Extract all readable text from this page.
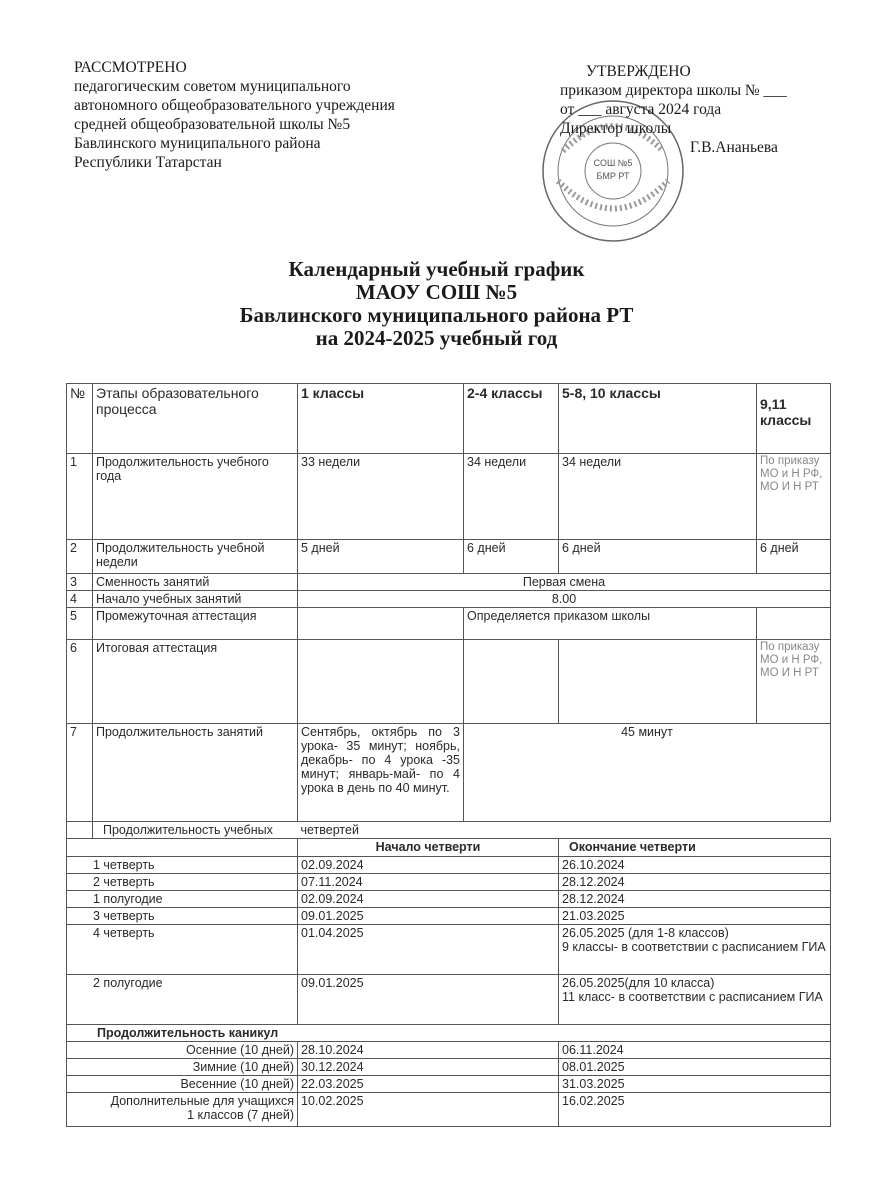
РАССМОТРЕНО
педагогическим советом муниципального
автономного общеобразовательного учреждения
средней общеобразовательной школы №5
Бавлинского муниципального района
Республики Татарстан	СОШ №5
БМР РТ
УТВЕРЖДЕНО
приказом директора школы № ___
от ___ августа 2024 года
Директор школы
Г.В.Ананьева
Календарный учебный график
МАОУ СОШ №5
Бавлинского муниципального района РТ
на 2024-2025 учебный год
№	Этапы образовательного процесса	1 классы	2-4 классы	5-8, 10 классы	9,11 классы
1	Продолжительность учебного года	33 недели	34 недели	34 недели	По приказу МО и Н РФ, МО И Н РТ
2	Продолжительность учебной недели	5 дней	6 дней	6 дней	6 дней
3	Сменность занятий	Первая смена			
4	Начало учебных занятий	8.00			
5	Промежуточная аттестация		Определяется приказом школы		
6	Итоговая аттестация				По приказу МО и Н РФ, МО И Н РТ
7	Продолжительность занятий	Сентябрь, октябрь по 3 урока- 35 минут; ноябрь, декабрь- по 4 урока -35 минут; январь-май- по 4 урока в день по 40 минут.	45 минут		
	Продолжительность учебных	четвертей			
		Начало четверти		Окончание четверти	
1 четверть		02.09.2024		26.10.2024	
2 четверть		07.11.2024		28.12.2024	
1 полугодие		02.09.2024		28.12.2024	
3 четверть		09.01.2025		21.03.2025	
4 четверть		01.04.2025		26.05.2025 (для 1-8 классов)
9 классы- в соответствии с расписанием ГИА	
2 полугодие		09.01.2025		26.05.2025(для 10 класса)
11 класс- в соответствии с расписанием ГИА	
Продолжительность каникул					
Осенние (10 дней)		28.10.2024		06.11.2024	
Зимние (10 дней)		30.12.2024		08.01.2025	
Весенние (10 дней)		22.03.2025		31.03.2025	
Дополнительные для учащихся
1 классов (7 дней)		10.02.2025		16.02.2025	
